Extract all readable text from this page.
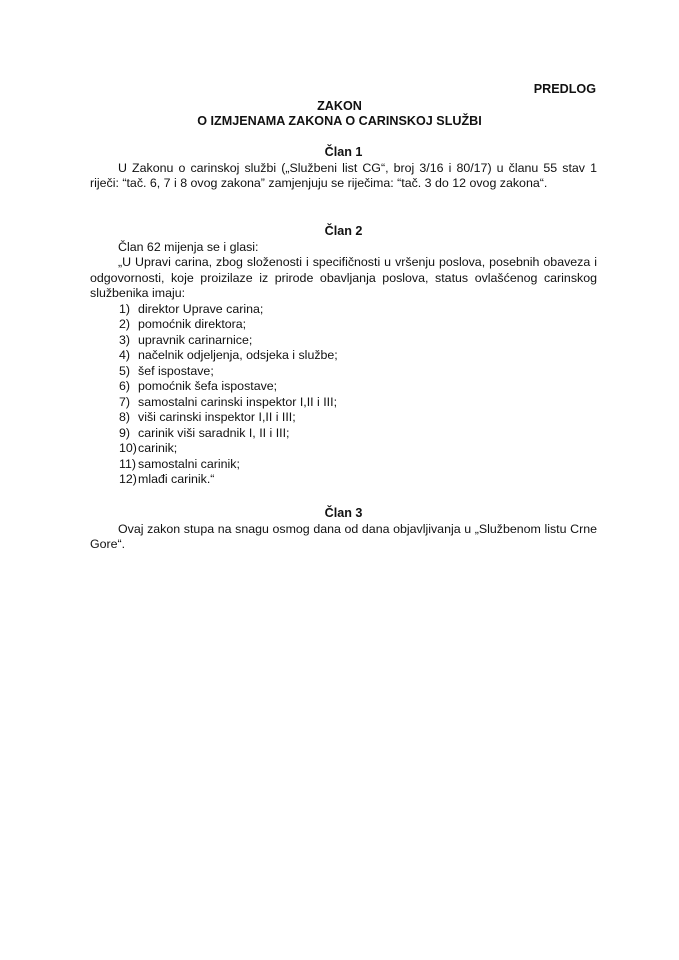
PREDLOG
ZAKON
O IZMJENAMA ZAKONA O CARINSKOJ SLUŽBI

Član 1

U Zakonu o carinskoj službi („Službeni list CG“, broj 3/16 i 80/17) u članu 55 stav 1 riječi: “tač. 6, 7 i 8 ovog zakona” zamjenjuju se riječima: “tač. 3 do 12 ovog zakona“.

Član 2

Član 62 mijenja se i glasi:

„U Upravi carina, zbog složenosti i specifičnosti u vršenju poslova, posebnih obaveza i odgovornosti, koje proizilaze iz prirode obavljanja poslova, status ovlašćenog carinskog službenika imaju:

1) direktor Uprave carina;
2) pomoćnik direktora;
3) upravnik carinarnice;
4) načelnik odjeljenja, odsjeka i službe;
5) šef ispostave;
6) pomoćnik šefa ispostave;
7) samostalni carinski inspektor I,II i III;
8) viši carinski inspektor I,II i III;
9) carinik viši saradnik I, II i III;
10) carinik;
11) samostalni carinik;
12) mlađi carinik.“

Član 3

Ovaj zakon stupa na snagu osmog dana od dana objavljivanja u „Službenom listu Crne Gore“.
